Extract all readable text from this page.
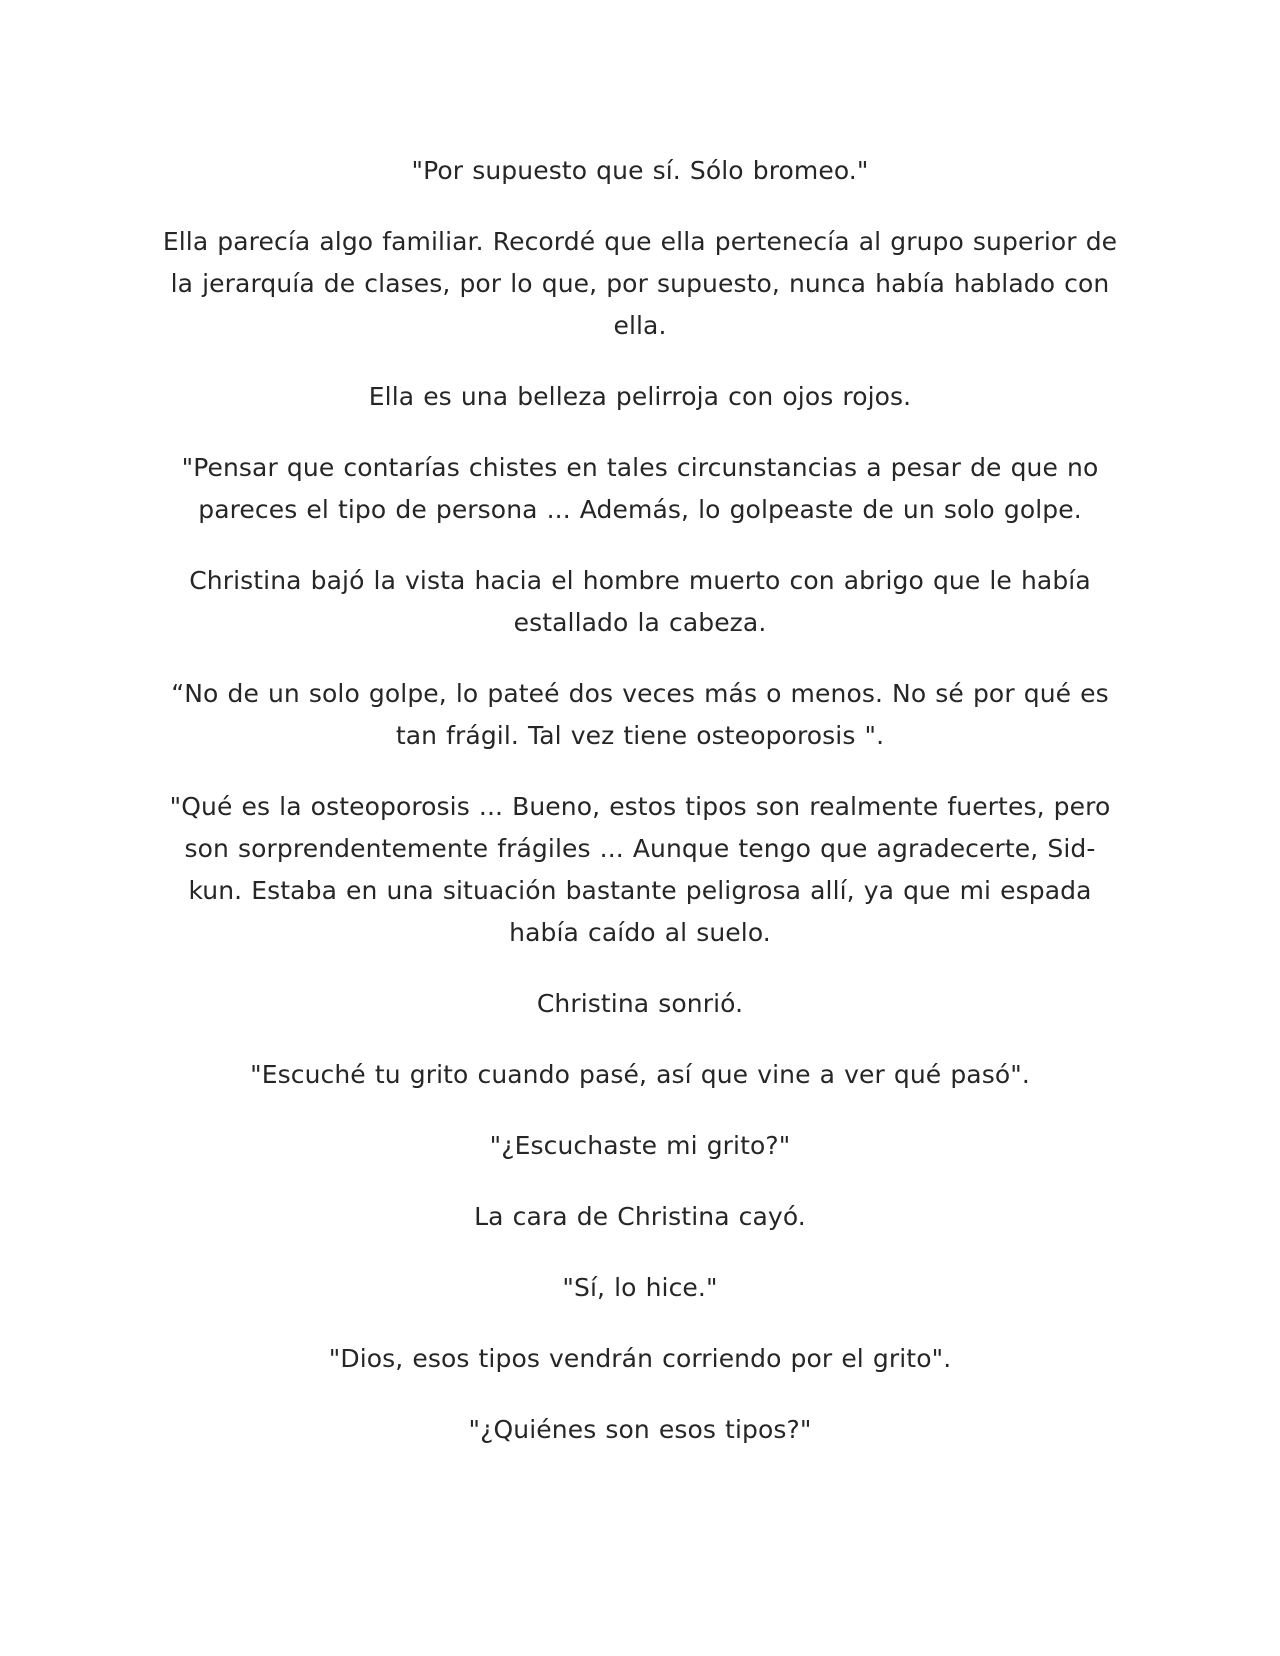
"Por supuesto que sí. Sólo bromeo."

Ella parecía algo familiar. Recordé que ella pertenecía al grupo superior de la jerarquía de clases, por lo que, por supuesto, nunca había hablado con ella.

Ella es una belleza pelirroja con ojos rojos.

"Pensar que contarías chistes en tales circunstancias a pesar de que no pareces el tipo de persona ... Además, lo golpeaste de un solo golpe.

Christina bajó la vista hacia el hombre muerto con abrigo que le había estallado la cabeza.

“No de un solo golpe, lo pateé dos veces más o menos. No sé por qué es tan frágil. Tal vez tiene osteoporosis ".

"Qué es la osteoporosis ... Bueno, estos tipos son realmente fuertes, pero son sorprendentemente frágiles ... Aunque tengo que agradecerte, Sid-kun. Estaba en una situación bastante peligrosa allí, ya que mi espada había caído al suelo.

Christina sonrió.

"Escuché tu grito cuando pasé, así que vine a ver qué pasó".

"¿Escuchaste mi grito?"

La cara de Christina cayó.

"Sí, lo hice."

"Dios, esos tipos vendrán corriendo por el grito".

"¿Quiénes son esos tipos?"
